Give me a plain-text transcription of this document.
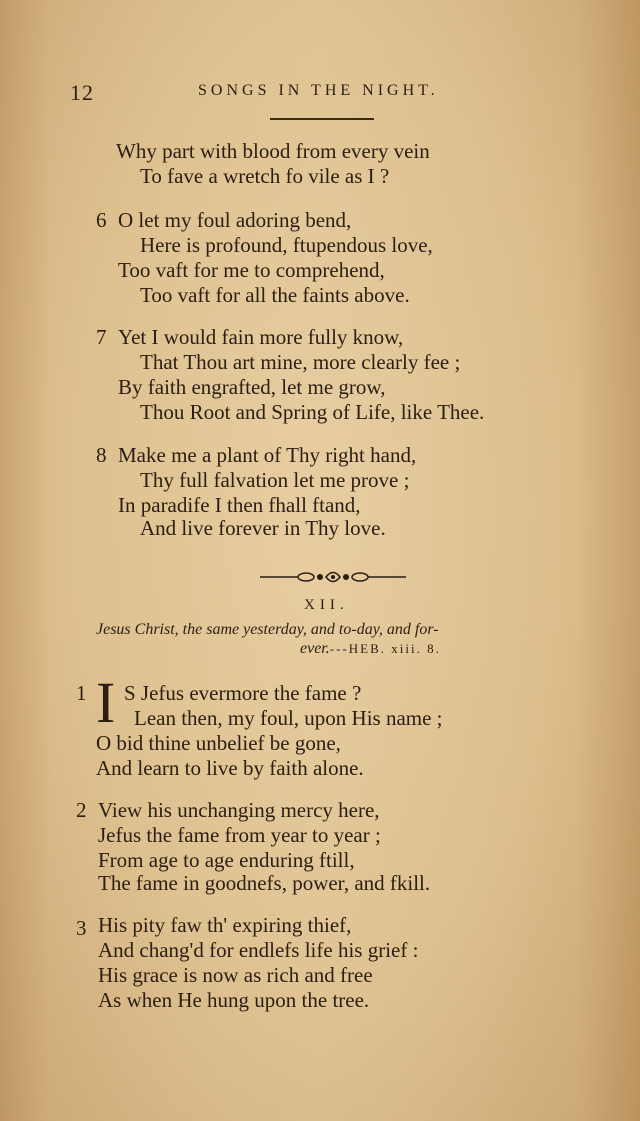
12	SONGS IN THE NIGHT.
Why part with blood from every vein
To fave a wretch fo vile as I ?
6 O let my foul adoring bend,
Here is profound, ftupendous love,
Too vaft for me to comprehend,
Too vaft for all the faints above.
7 Yet I would fain more fully know,
That Thou art mine, more clearly fee ;
By faith engrafted, let me grow,
Thou Root and Spring of Life, like Thee.
8 Make me a plant of Thy right hand,
Thy full falvation let me prove ;
In paradife I then fhall ftand,
And live forever in Thy love.
XII.
Jesus Christ, the same yesterday, and to-day, and for-
ever.---HEB. xiii. 8.
1 I S Jefus evermore the fame ?
Lean then, my foul, upon His name ;
O bid thine unbelief be gone,
And learn to live by faith alone.
2 View his unchanging mercy here,
Jefus the fame from year to year ;
From age to age enduring ftill,
The fame in goodnefs, power, and fkill.
3 His pity faw th' expiring thief,
And chang'd for endlefs life his grief :
His grace is now as rich and free
As when He hung upon the tree.
